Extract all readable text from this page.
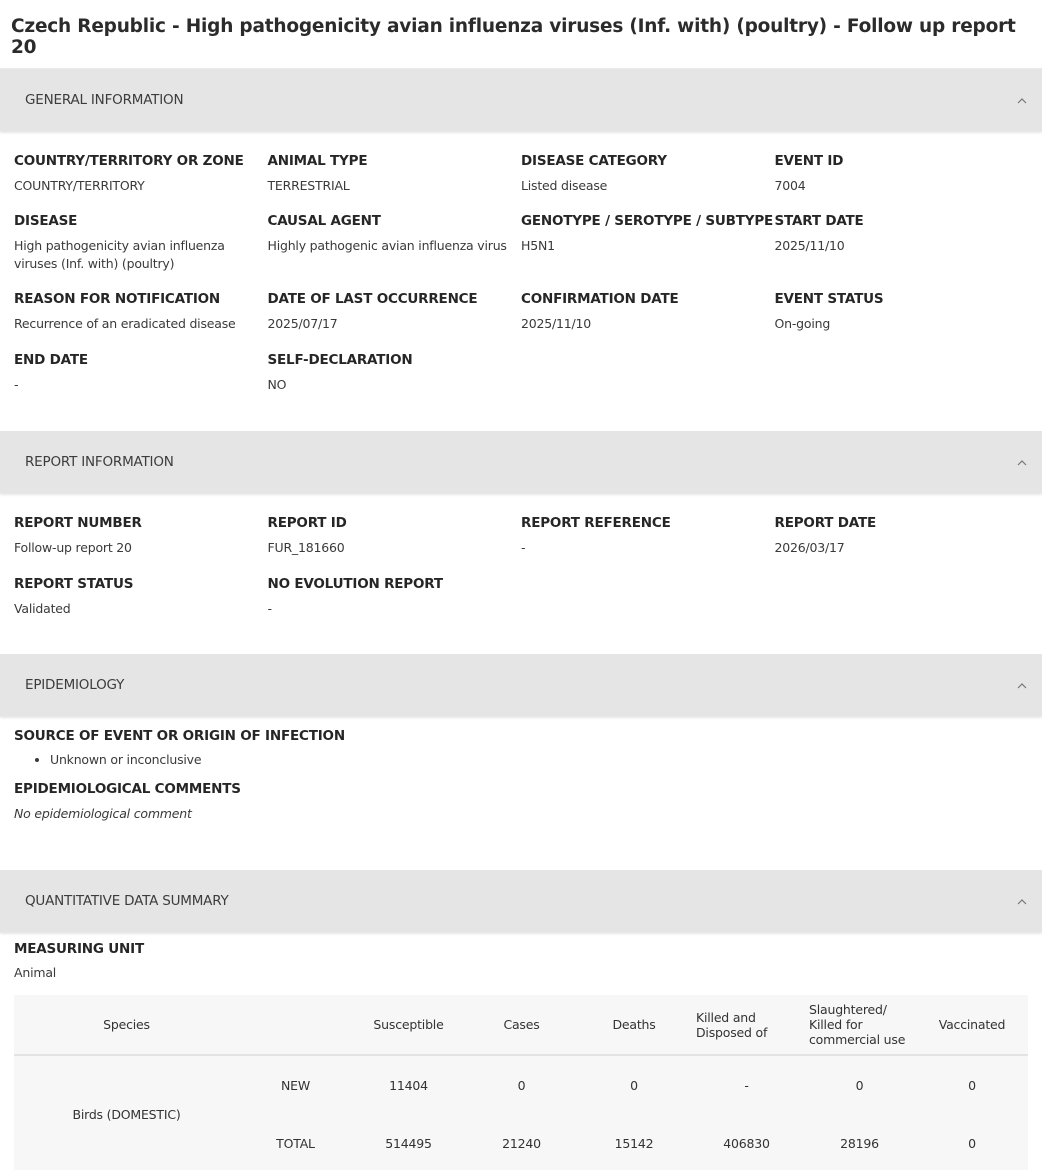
Czech Republic - High pathogenicity avian influenza viruses (Inf. with) (poultry) - Follow up report 20
GENERAL INFORMATION
COUNTRY/TERRITORY OR ZONE
COUNTRY/TERRITORY
ANIMAL TYPE
TERRESTRIAL
DISEASE CATEGORY
Listed disease
EVENT ID
7004
DISEASE
High pathogenicity avian influenza viruses (Inf. with) (poultry)
CAUSAL AGENT
Highly pathogenic avian influenza virus
GENOTYPE / SEROTYPE / SUBTYPE
H5N1
START DATE
2025/11/10
REASON FOR NOTIFICATION
Recurrence of an eradicated disease
DATE OF LAST OCCURRENCE
2025/07/17
CONFIRMATION DATE
2025/11/10
EVENT STATUS
On-going
END DATE
-
SELF-DECLARATION
NO
REPORT INFORMATION
REPORT NUMBER
Follow-up report 20
REPORT ID
FUR_181660
REPORT REFERENCE
-
REPORT DATE
2026/03/17
REPORT STATUS
Validated
NO EVOLUTION REPORT
-
EPIDEMIOLOGY
SOURCE OF EVENT OR ORIGIN OF INFECTION
• Unknown or inconclusive
EPIDEMIOLOGICAL COMMENTS
No epidemiological comment
QUANTITATIVE DATA SUMMARY
MEASURING UNIT
Animal
Species		Susceptible	Cases	Deaths	Killed and Disposed of	Slaughtered/ Killed for commercial use	Vaccinated
Birds (DOMESTIC)	NEW	11404	0	0	-	0	0
	TOTAL	514495	21240	15142	406830	28196	0
